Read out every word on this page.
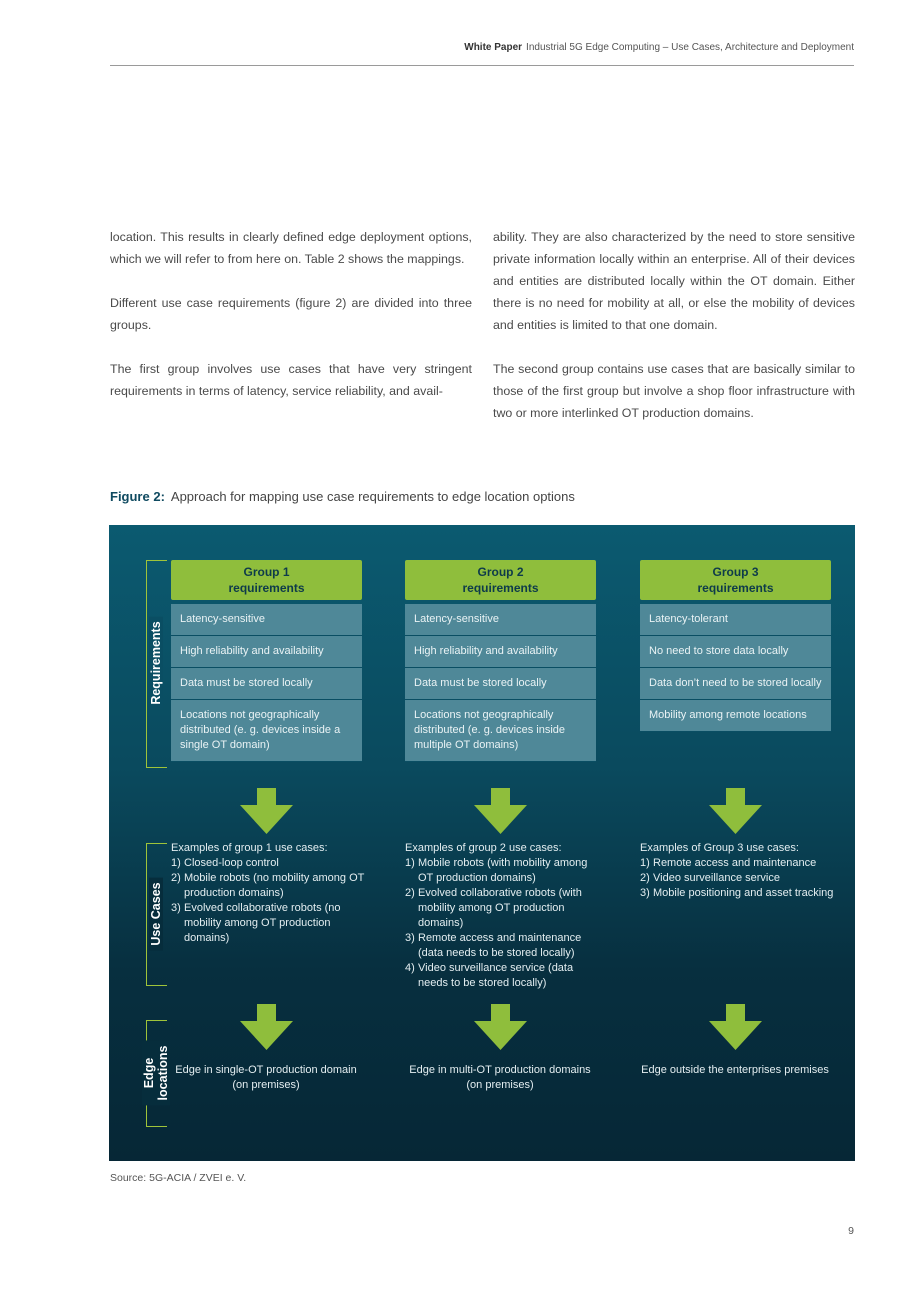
White Paper Industrial 5G Edge Computing – Use Cases, Architecture and Deployment

location. This results in clearly defined edge deployment options, which we will refer to from here on. Table 2 shows the mappings.

Different use case requirements (figure 2) are divided into three groups.

The first group involves use cases that have very stringent requirements in terms of latency, service reliability, and avail-

ability. They are also characterized by the need to store sensitive private information locally within an enterprise. All of their devices and entities are distributed locally within the OT domain. Either there is no need for mobility at all, or else the mobility of devices and entities is limited to that one domain.

The second group contains use cases that are basically similar to those of the first group but involve a shop floor infrastructure with two or more interlinked OT production domains.

Figure 2: Approach for mapping use case requirements to edge location options
Requirements
Use Cases
Edge
locations
Group 1
requirements
Latency-sensitive
High reliability and availability
Data must be stored locally
Locations not geographically distributed (e. g. devices inside a single OT domain)
Examples of group 1 use cases:
1) Closed-loop control
2) Mobile robots (no mobility among OT production domains)
3) Evolved collaborative robots (no mobility among OT production domains)
Edge in single-OT production domain (on premises)
Group 2
requirements
Latency-sensitive
High reliability and availability
Data must be stored locally
Locations not geographically distributed (e. g. devices inside multiple OT domains)
Examples of group 2 use cases:
1) Mobile robots (with mobility among OT production domains)
2) Evolved collaborative robots (with mobility among OT production domains)
3) Remote access and maintenance (data needs to be stored locally)
4) Video surveillance service (data needs to be stored locally)
Edge in multi-OT production domains (on premises)
Group 3
requirements
Latency-tolerant
No need to store data locally
Data don’t need to be stored locally
Mobility among remote locations
Examples of Group 3 use cases:
1) Remote access and maintenance
2) Video surveillance service
3) Mobile positioning and asset tracking
Edge outside the enterprises premises
Source: 5G-ACIA / ZVEI e. V.
9
